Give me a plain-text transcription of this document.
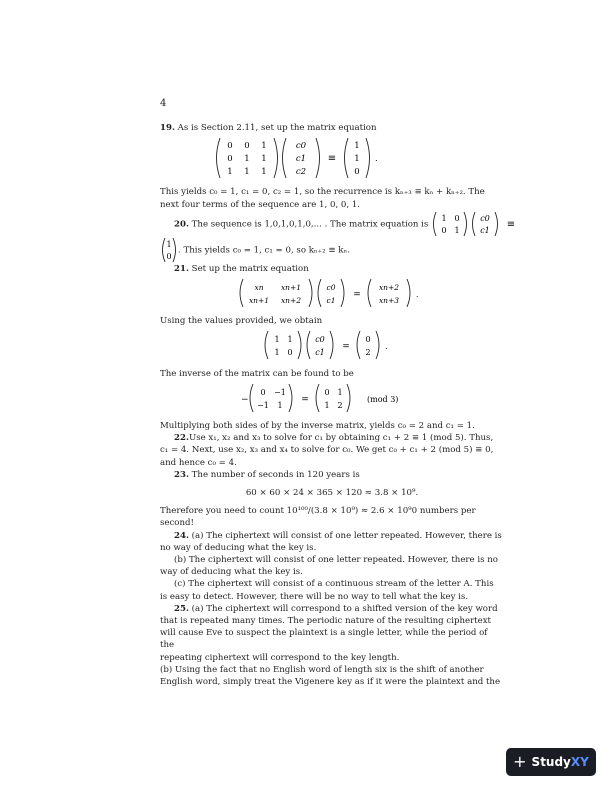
4

19. As is Section 2.11, set up the matrix equation

0 0 1
0 1 1
1 1 1
c0
c1
c2
≡
1
1
0
.

This yields c₀ = 1, c₁ = 0, c₂ = 1, so the recurrence is kₙ₊₃ ≡ kₙ + kₙ₊₂. The

next four terms of the sequence are 1, 0, 0, 1.

20. The sequence is 1,0,1,0,1,0,... . The matrix equation is
1 0
0 1
c0
c1
≡

1
0
. This yields c₀ = 1, c₁ = 0, so kₙ₊₂ ≡ kₙ.

21. Set up the matrix equation

xn xn+1
xn+1 xn+2
c0
c1
=
xn+2
xn+3
.

Using the values provided, we obtain

1 1
1 0
c0
c1
=
0
2
.

The inverse of the matrix can be found to be

−
0 −1
−1 1
=
0 1
1 2
(mod 3)

Multiplying both sides of by the inverse matrix, yields c₀ = 2 and c₁ = 1.

22.Use x₁, x₂ and x₃ to solve for c₁ by obtaining c₁ + 2 ≡ 1 (mod 5). Thus,

c₁ = 4. Next, use x₂, x₃ and x₄ to solve for c₀. We get c₀ + c₁ + 2 (mod 5) ≡ 0,

and hence c₀ = 4.

23. The number of seconds in 120 years is

60 × 60 × 24 × 365 × 120 ≈ 3.8 × 10⁹.

Therefore you need to count 10¹⁰⁰/(3.8 × 10⁹) ≈ 2.6 × 10⁹0 numbers per second!

24. (a) The ciphertext will consist of one letter repeated. However, there is

no way of deducing what the key is.

(b) The ciphertext will consist of one letter repeated. However, there is no

way of deducing what the key is.

(c) The ciphertext will consist of a continuous stream of the letter A. This

is easy to detect. However, there will be no way to tell what the key is.

25. (a) The ciphertext will correspond to a shifted version of the key word

that is repeated many times. The periodic nature of the resulting ciphertext

will cause Eve to suspect the plaintext is a single letter, while the period of the

repeating ciphertext will correspond to the key length.

(b) Using the fact that no English word of length six is the shift of another

English word, simply treat the Vigenere key as if it were the plaintext and the

+ StudyXY
